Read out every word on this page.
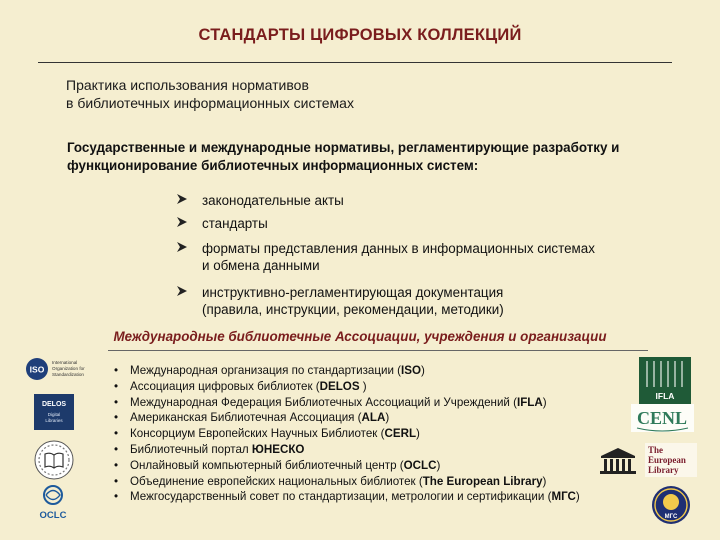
СТАНДАРТЫ ЦИФРОВЫХ КОЛЛЕКЦИЙ
Практика использования нормативов
в библиотечных информационных системах
Государственные и международные нормативы, регламентирующие разработку и
функционирование библиотечных информационных систем:
законодательные акты
стандарты
форматы представления данных в информационных системах
и обмена данными
инструктивно-регламентирующая документация
(правила, инструкции, рекомендации, методики)
Международные библиотечные Ассоциации, учреждения и организации
• Международная организация по стандартизации (ISO)
• Ассоциация цифровых библиотек (DELOS )
• Международная Федерация Библиотечных Ассоциаций и Учреждений (IFLA)
• Американская Библиотечная Ассоциация (ALA)
• Консорциум Европейских Научных Библиотек (CERL)
• Библиотечный портал ЮНЕСКО
• Онлайновый компьютерный библиотечный центр (OCLC)
• Объединение европейских национальных библиотек (The European Library)
• Межгосударственный совет по стандартизации, метрологии и сертификации (МГС)
ISO
International
Organization for
Standardization
DELOS
Digital
Libraries
IFLA
CENL
The
European
Library
OCLC	МГС
